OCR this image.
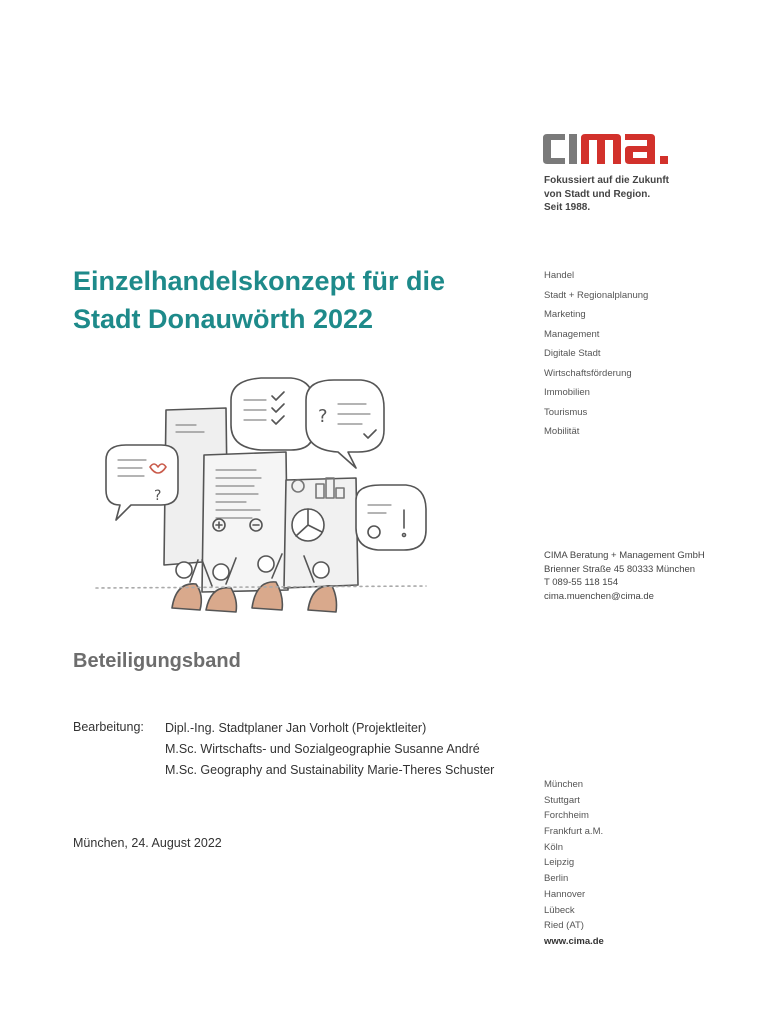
Fokussiert auf die Zukunft
von Stadt und Region.
Seit 1988.
Einzelhandelskonzept für die
Stadt Donauwörth 2022
Handel
Stadt + Regionalplanung
Marketing
Management
Digitale Stadt
Wirtschaftsförderung
Immobilien
Tourismus
Mobilität
?
?
CIMA Beratung + Management GmbH
Brienner Straße 45 80333 München
T 089-55 118 154
cima.muenchen@cima.de
Beteiligungsband
Bearbeitung: Dipl.-Ing. Stadtplaner Jan Vorholt (Projektleiter)
M.Sc. Wirtschafts- und Sozialgeographie Susanne André
M.Sc. Geography and Sustainability Marie-Theres Schuster
München, 24. August 2022
München
Stuttgart
Forchheim
Frankfurt a.M.
Köln
Leipzig
Berlin
Hannover
Lübeck
Ried (AT)
www.cima.de
